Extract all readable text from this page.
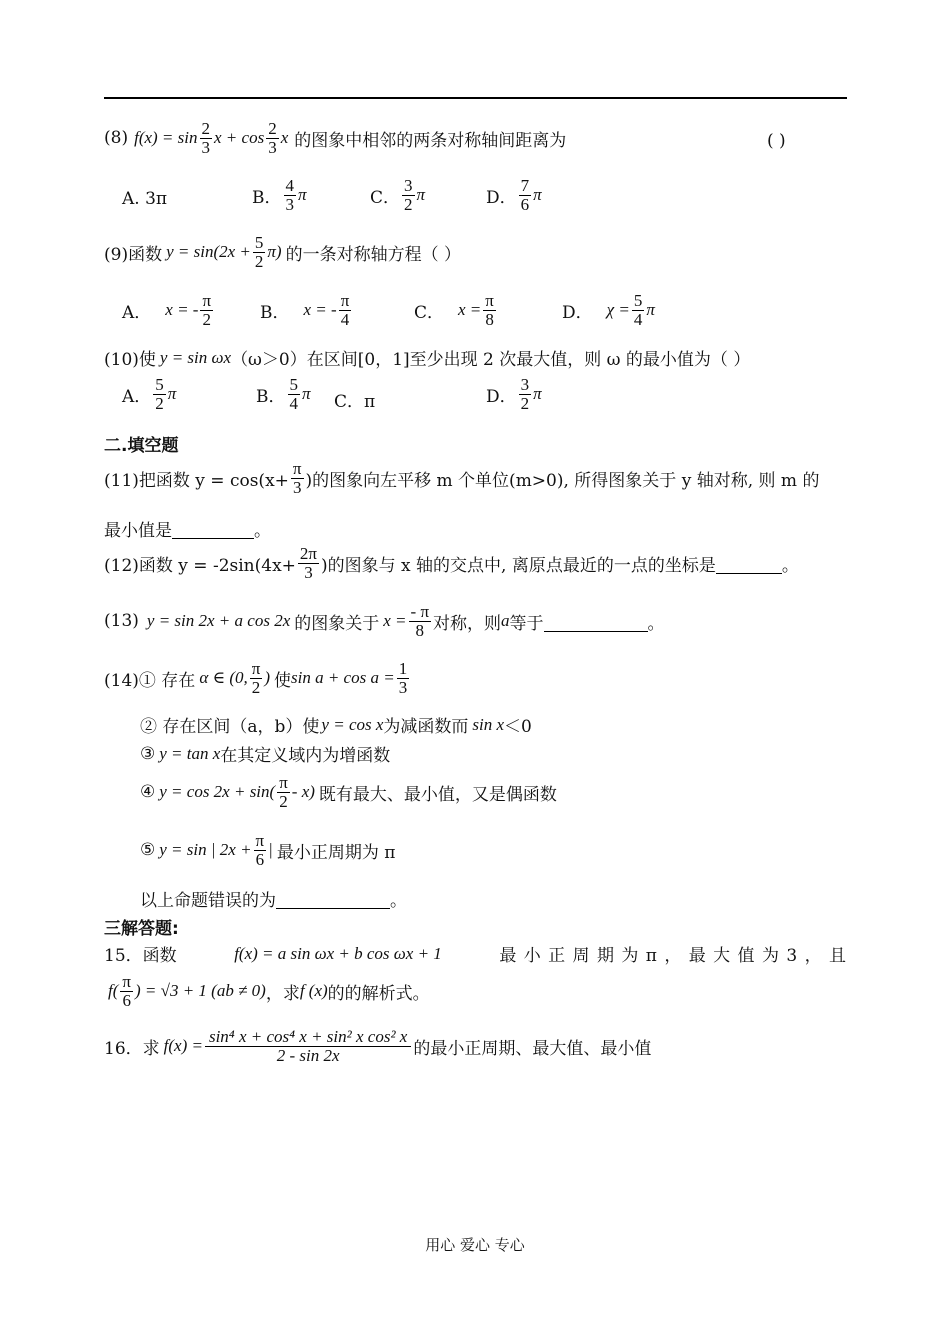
(8) $f(x) = \sin \frac{2}{3}$ $x + \cos \frac{2}{3}$ x 的图象中相邻的两条对称轴间距离为	( )
A. 3π	B． $\frac{4}{3}$ π	C． $\frac{3}{2}$ π	D． $\frac{7}{6}$ π
(9)函数 $y = \sin(2x + \frac{5}{2} \pi)$ 的一条对称轴方程（ ）
A． x = - $\frac{\pi}{2}$	B． x = - $\frac{\pi}{4}$	C． $x = \frac{\pi}{8}$	D． $\chi = \frac{5}{4}$ π
(10)使 y = sin ωx （ω＞0）在区间[0，1]至少出现 2 次最大值，则 ω 的最小值为（ ）
A． $\frac{5}{2}$ π	B． $\frac{5}{4}$ π C．π	D． $\frac{3}{2}$ π
二.填空题
(11)把函数 $y = \cos(x+ \frac{\pi}{3}$ )的图象向左平移 m 个单位(m>0), 所得图象关于 y 轴对称, 则 m 的
最小值是
	。
(12)函数 $y = -2\sin(4x+ \frac{2\pi}{3}$ )的图象与 x 轴的交点中, 离原点最近的一点的坐标是
	。
(13) y = sin 2x + a cos 2x 的图象关于 $x = \frac{- \pi}{8}$ 对称，则 a 等于
	。
(14)① 存在 α ∈ (0, $\frac{\pi}{2}$ ) 使 $\sin a + \cos a = \frac{1}{3}$
② 存在区间（a，b）使 y = cos x 为减函数而 sin x ＜0
③ y = tan x 在其定义域内为增函数
④ $y = \cos 2x + \sin( \frac{\pi}{2} - x)$ 既有最大、最小值，又是偶函数
⑤ y = sin | $2x + \frac{\pi}{6}$ | 最小正周期为 π
以上命题错误的为
	。
三解答题:
15．函数	f(x) = a sin ωx + b cos ωx + 1	最 小 正 周 期 为 π ， 最 大 值 为 3 ， 且
$f( \frac{\pi}{6}$ ) = √3 + 1 (ab ≠ 0) ，求 f (x) 的的解析式。
16．求 $f(x) = \frac{\text{sin⁴ x + cos⁴ x + sin² x cos² x}}{2 - \sin 2x}$ 的最小正周期、最大值、最小值
用心 爱心 专心
